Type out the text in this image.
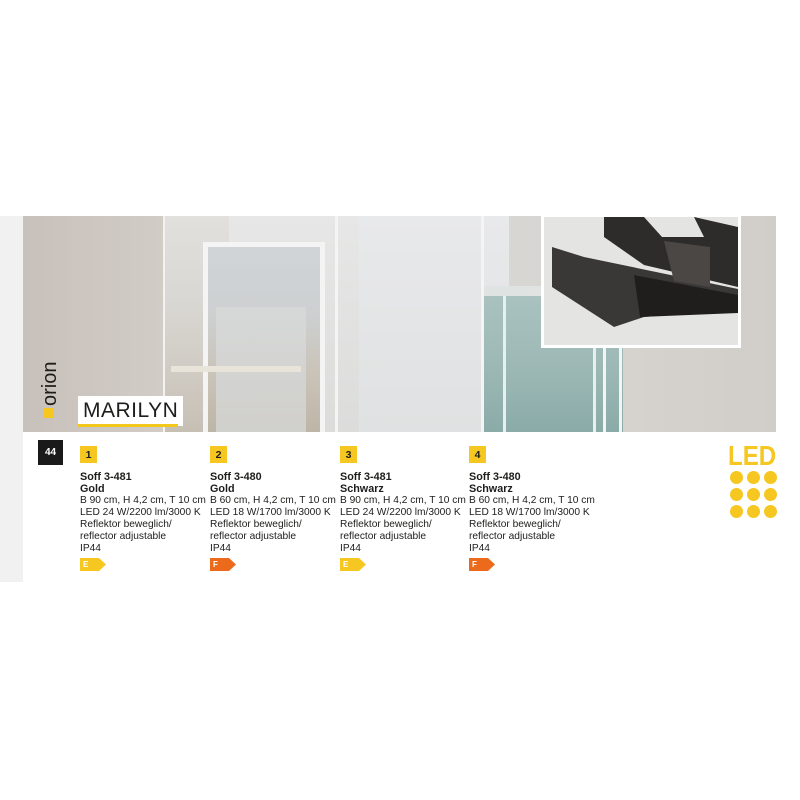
orion
44
MARILYN
1
Soff 3-481
Gold
B 90 cm, H 4,2 cm, T 10 cm
LED 24 W/2200 lm/3000 K
Reflektor beweglich/
reflector adjustable
IP44
E
2
Soff 3-480
Gold
B 60 cm, H 4,2 cm, T 10 cm
LED 18 W/1700 lm/3000 K
Reflektor beweglich/
reflector adjustable
IP44
F
3
Soff 3-481
Schwarz
B 90 cm, H 4,2 cm, T 10 cm
LED 24 W/2200 lm/3000 K
Reflektor beweglich/
reflector adjustable
IP44
E
4
Soff 3-480
Schwarz
B 60 cm, H 4,2 cm, T 10 cm
LED 18 W/1700 lm/3000 K
Reflektor beweglich/
reflector adjustable
IP44
F
LED
